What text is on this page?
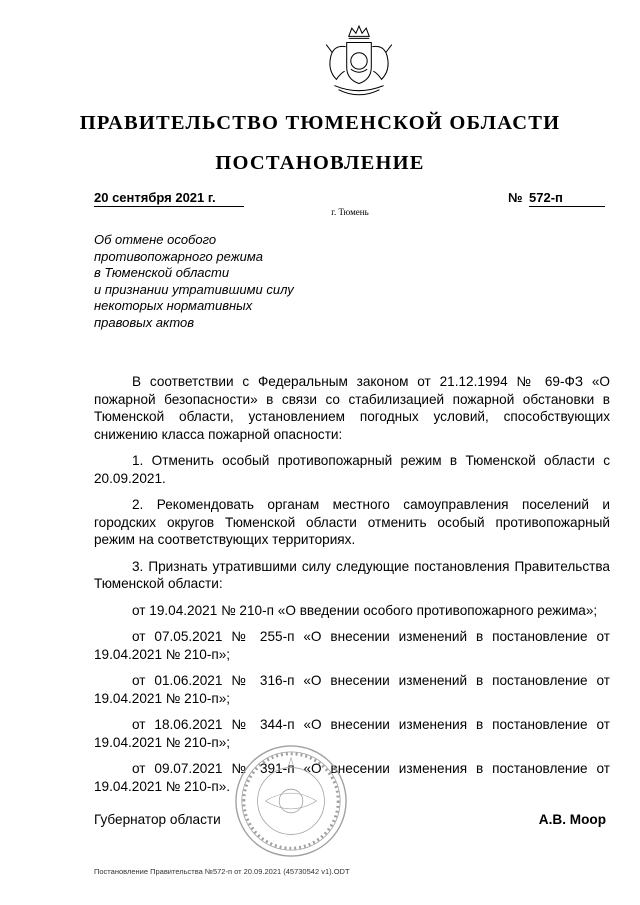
ПРАВИТЕЛЬСТВО ТЮМЕНСКОЙ ОБЛАСТИ
ПОСТАНОВЛЕНИЕ
20 сентября 2021 г.	№ 572-п
г. Тюмень
Об отмене особого
противопожарного режима
в Тюменской области
и признании утратившими силу
некоторых нормативных
правовых актов

В соответствии с Федеральным законом от 21.12.1994 № 69-ФЗ «О пожарной безопасности» в связи со стабилизацией пожарной обстановки в Тюменской области, установлением погодных условий, способствующих снижению класса пожарной опасности:

1. Отменить особый противопожарный режим в Тюменской области с 20.09.2021.

2. Рекомендовать органам местного самоуправления поселений и городских округов Тюменской области отменить особый противопожарный режим на соответствующих территориях.

3. Признать утратившими силу следующие постановления Правительства Тюменской области:

от 19.04.2021 № 210-п «О введении особого противопожарного режима»;

от 07.05.2021 № 255-п «О внесении изменений в постановление от 19.04.2021 № 210-п»;

от 01.06.2021 № 316-п «О внесении изменений в постановление от 19.04.2021 № 210-п»;

от 18.06.2021 № 344-п «О внесении изменения в постановление от 19.04.2021 № 210-п»;

от 09.07.2021 № 391-п «О внесении изменения в постановление от 19.04.2021 № 210-п».

Губернатор области	А.В. Моор
Постановление Правительства №572-п от 20.09.2021 (45730542 v1).ODT
